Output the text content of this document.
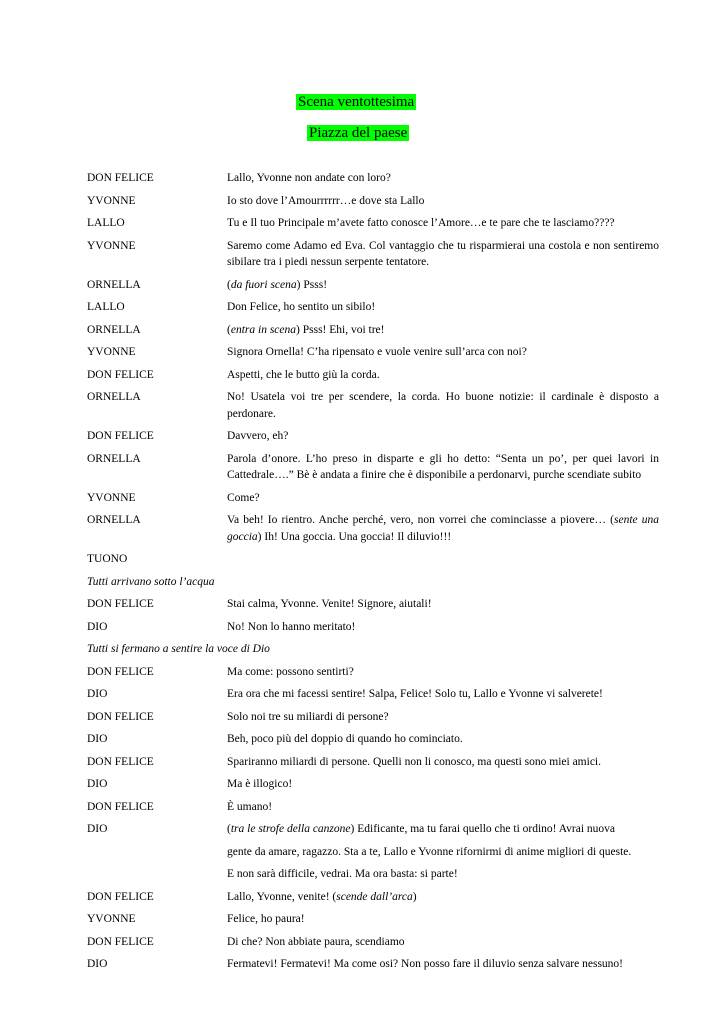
Scena ventottesima
Piazza del paese
DON FELICE	Lallo, Yvonne non andate con loro?
YVONNE	Io sto dove l’Amourrrrrr…e dove sta Lallo
LALLO	Tu e Il tuo Principale m’avete fatto conosce l’Amore…e te pare che te lasciamo????
YVONNE	Saremo come Adamo ed Eva. Col vantaggio che tu risparmierai una costola e non sentiremo sibilare tra i piedi nessun serpente tentatore.
ORNELLA	(da fuori scena) Psss!
LALLO	Don Felice, ho sentito un sibilo!
ORNELLA	(entra in scena) Psss! Ehi, voi tre!
YVONNE	Signora Ornella! C’ha ripensato e vuole venire sull’arca con noi?
DON FELICE	Aspetti, che le butto giù la corda.
ORNELLA	No! Usatela voi tre per scendere, la corda. Ho buone notizie: il cardinale è disposto a perdonare.
DON FELICE	Davvero, eh?
ORNELLA	Parola d’onore. L’ho preso in disparte e gli ho detto: “Senta un po’, per quei lavori in Cattedrale….” Bè è andata a finire che è disponibile a perdonarvi, purche scendiate subito
YVONNE	Come?
ORNELLA	Va beh! Io rientro. Anche perché, vero, non vorrei che cominciasse a piovere… (sente una goccia) Ih! Una goccia. Una goccia! Il diluvio!!!
TUONO
Tutti arrivano sotto l’acqua
DON FELICE	Stai calma, Yvonne. Venite! Signore, aiutali!
DIO	No! Non lo hanno meritato!
Tutti si fermano a sentire la voce di Dio
DON FELICE	Ma come: possono sentirti?
DIO	Era ora che mi facessi sentire! Salpa, Felice! Solo tu, Lallo e Yvonne vi salverete!
DON FELICE	Solo noi tre su miliardi di persone?
DIO	Beh, poco più del doppio di quando ho cominciato.
DON FELICE	Spariranno miliardi di persone. Quelli non li conosco, ma questi sono miei amici.
DIO	Ma è illogico!
DON FELICE	È umano!
DIO	(tra le strofe della canzone) Edificante, ma tu farai quello che ti ordino! Avrai nuova
gente da amare, ragazzo. Sta a te, Lallo e Yvonne rifornirmi di anime migliori di queste.
E non sarà difficile, vedrai. Ma ora basta: si parte!
DON FELICE	Lallo, Yvonne, venite! (scende dall’arca)
YVONNE	Felice, ho paura!
DON FELICE	Di che? Non abbiate paura, scendiamo
DIO	Fermatevi! Fermatevi! Ma come osi? Non posso fare il diluvio senza salvare nessuno!
